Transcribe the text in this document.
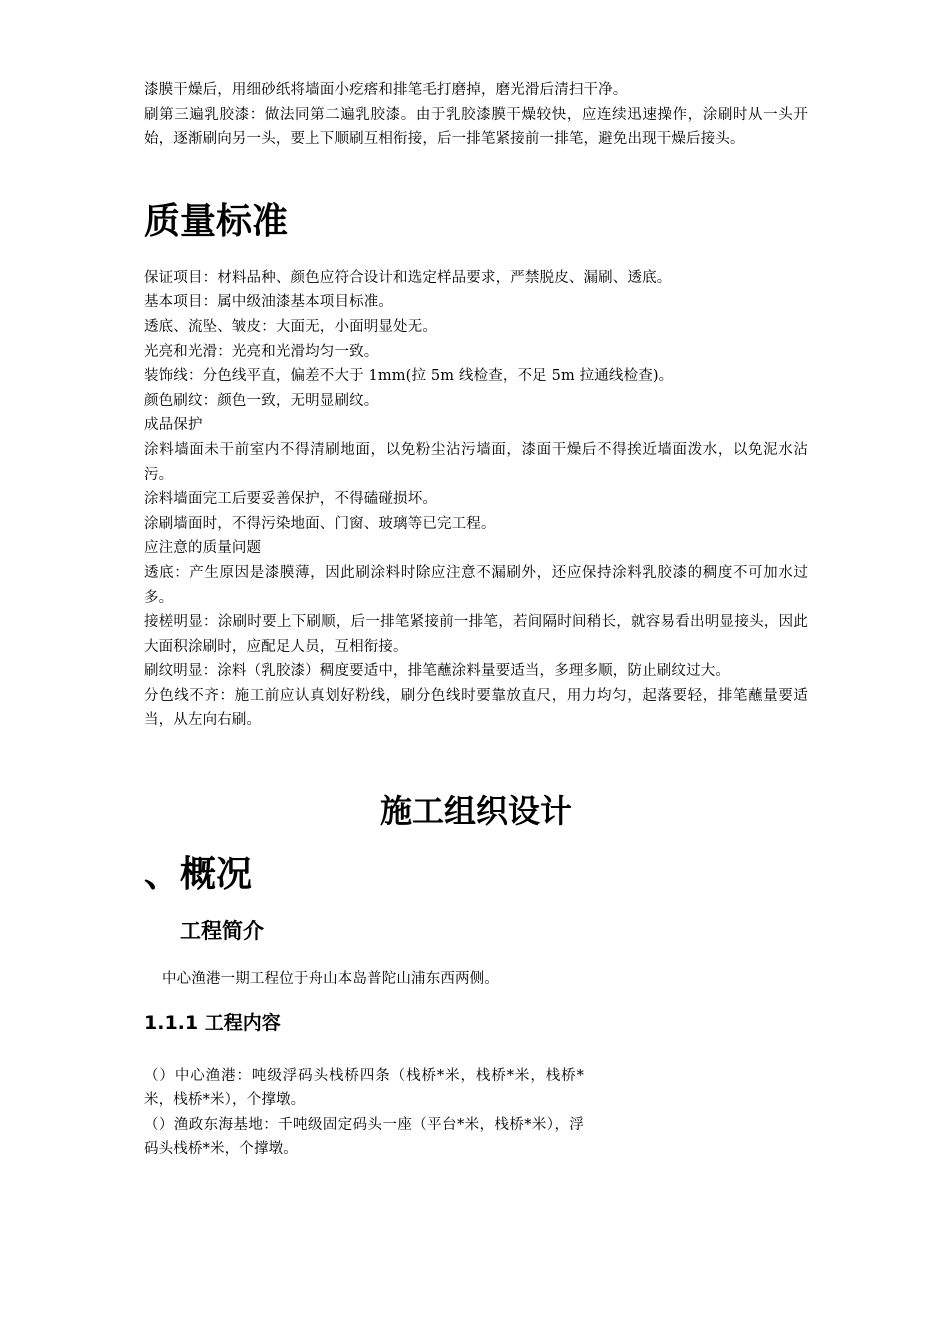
漆膜干燥后，用细砂纸将墙面小疙瘩和排笔毛打磨掉，磨光滑后清扫干净。

刷第三遍乳胶漆：做法同第二遍乳胶漆。由于乳胶漆膜干燥较快，应连续迅速操作，涂刷时从一头开始，逐渐刷向另一头，要上下顺刷互相衔接，后一排笔紧接前一排笔，避免出现干燥后接头。

质量标准

保证项目：材料品种、颜色应符合设计和选定样品要求，严禁脱皮、漏刷、透底。

基本项目：属中级油漆基本项目标准。

透底、流坠、皱皮：大面无，小面明显处无。

光亮和光滑：光亮和光滑均匀一致。

装饰线：分色线平直，偏差不大于 1mm(拉 5m 线检查，不足 5m 拉通线检查)。

颜色刷纹：颜色一致，无明显刷纹。

成品保护

涂料墙面未干前室内不得清刷地面，以免粉尘沾污墙面，漆面干燥后不得挨近墙面泼水，以免泥水沾污。

涂料墙面完工后要妥善保护，不得磕碰损坏。

涂刷墙面时，不得污染地面、门窗、玻璃等已完工程。

应注意的质量问题

透底：产生原因是漆膜薄，因此刷涂料时除应注意不漏刷外，还应保持涂料乳胶漆的稠度不可加水过多。

接槎明显：涂刷时要上下刷顺，后一排笔紧接前一排笔，若间隔时间稍长，就容易看出明显接头，因此大面积涂刷时，应配足人员，互相衔接。

刷纹明显：涂料（乳胶漆）稠度要适中，排笔蘸涂料量要适当，多理多顺，防止刷纹过大。

分色线不齐：施工前应认真划好粉线，刷分色线时要靠放直尺，用力均匀，起落要轻，排笔蘸量要适当，从左向右刷。

施工组织设计
、概况
工程简介

中心渔港一期工程位于舟山本岛普陀山浦东西两侧。

1.1.1 工程内容

（）中心渔港：吨级浮码头栈桥四条（栈桥*米，栈桥*米，栈桥*米，栈桥*米），个撑墩。

（）渔政东海基地：千吨级固定码头一座（平台*米，栈桥*米），浮码头栈桥*米，个撑墩。
